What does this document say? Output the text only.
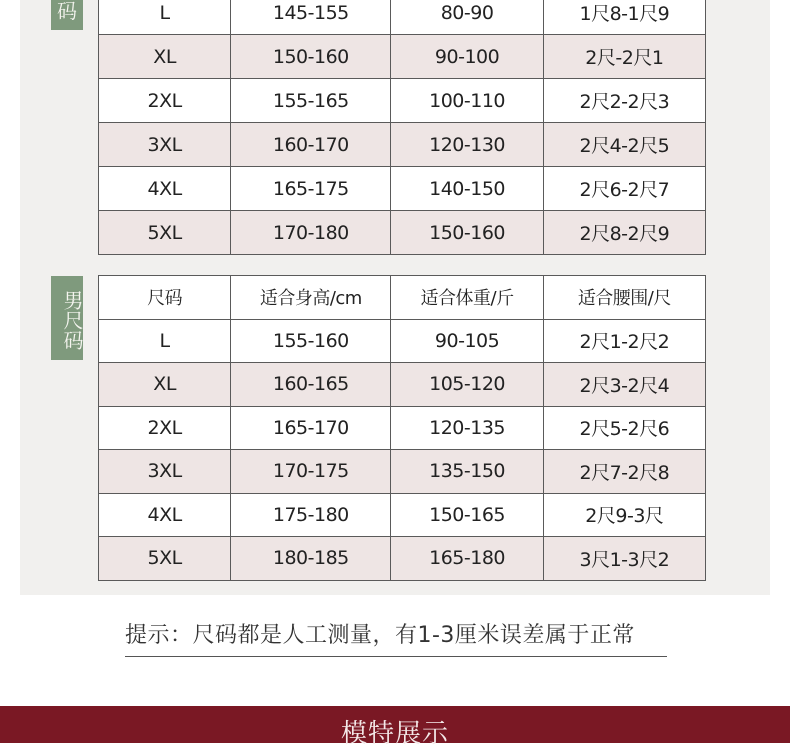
码	L	145-155	80-90	1尺8-1尺9
XL	150-160	90-100	2尺-2尺1
2XL	155-165	100-110	2尺2-2尺3
3XL	160-170	120-130	2尺4-2尺5
4XL	165-175	140-150	2尺6-2尺7
5XL	170-180	150-160	2尺8-2尺9
男尺码	尺码	适合身高/cm	适合体重/斤	适合腰围/尺
L	155-160	90-105	2尺1-2尺2
XL	160-165	105-120	2尺3-2尺4
2XL	165-170	120-135	2尺5-2尺6
3XL	170-175	135-150	2尺7-2尺8
4XL	175-180	150-165	2尺9-3尺
5XL	180-185	165-180	3尺1-3尺2
提示：尺码都是人工测量，有1-3厘米误差属于正常
模特展示
